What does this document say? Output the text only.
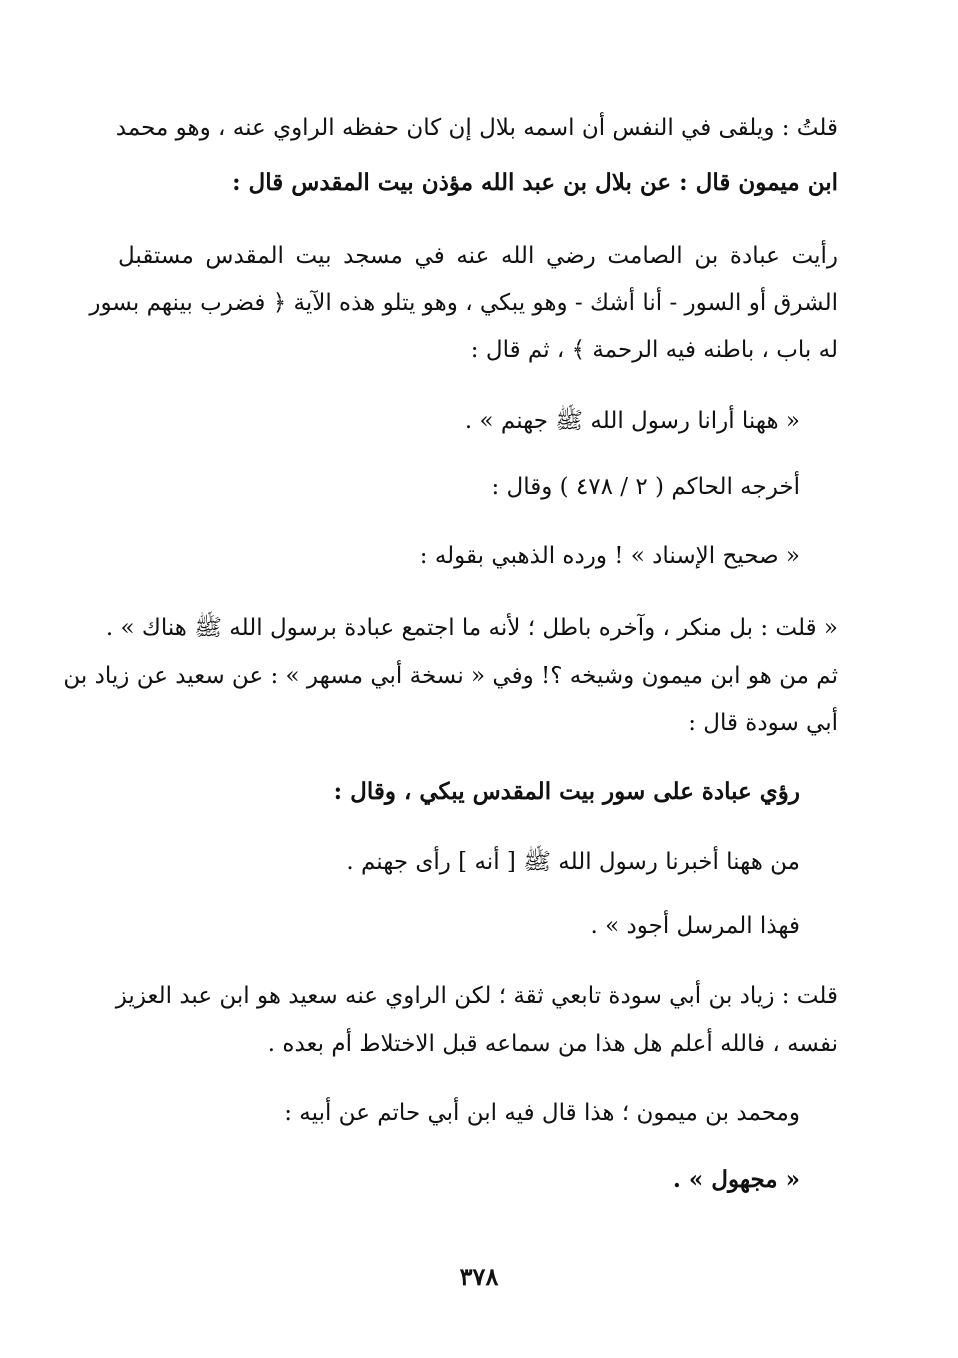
قلتُ : ويلقى في النفس أن اسمه بلال إن كان حفظه الراوي عنه ، وهو محمد

ابن ميمون قال : عن بلال بن عبد الله مؤذن بيت المقدس قال :

رأيت عبادة بن الصامت رضي الله عنه في مسجد بيت المقدس مستقبل

الشرق أو السور - أنا أشك - وهو يبكي ، وهو يتلو هذه الآية ﴿ فضرب بينهم بسور

له باب ، باطنه فيه الرحمة ﴾ ، ثم قال :

« ههنا أرانا رسول الله ﷺ جهنم » .

أخرجه الحاكم ( ٢ / ٤٧٨ ) وقال :

« صحيح الإسناد » ! ورده الذهبي بقوله :

« قلت : بل منكر ، وآخره باطل ؛ لأنه ما اجتمع عبادة برسول الله ﷺ هناك » .

ثم من هو ابن ميمون وشيخه ؟! وفي « نسخة أبي مسهر » : عن سعيد عن زياد بن

أبي سودة قال :

رؤي عبادة على سور بيت المقدس يبكي ، وقال :

من ههنا أخبرنا رسول الله ﷺ [ أنه ] رأى جهنم .

فهذا المرسل أجود » .

قلت : زياد بن أبي سودة تابعي ثقة ؛ لكن الراوي عنه سعيد هو ابن عبد العزيز

نفسه ، فالله أعلم هل هذا من سماعه قبل الاختلاط أم بعده .

ومحمد بن ميمون ؛ هذا قال فيه ابن أبي حاتم عن أبيه :

« مجهول » .

٣٧٨
